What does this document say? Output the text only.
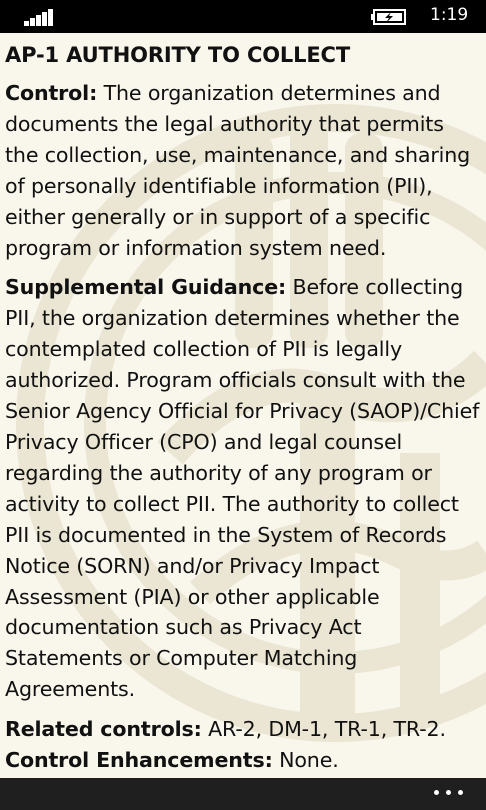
1:19

AP-1 AUTHORITY TO COLLECT

Control: The organization determines and documents the legal authority that permits the collection, use, maintenance, and sharing of personally identifiable information (PII), either generally or in support of a specific program or information system need.

Supplemental Guidance: Before collecting PII, the organization determines whether the contemplated collection of PII is legally authorized. Program officials consult with the Senior Agency Official for Privacy (SAOP)/Chief Privacy Officer (CPO) and legal counsel regarding the authority of any program or activity to collect PII. The authority to collect PII is documented in the System of Records Notice (SORN) and/or Privacy Impact Assessment (PIA) or other applicable documentation such as Privacy Act Statements or Computer Matching Agreements.

Related controls: AR-2, DM-1, TR-1, TR-2.

Control Enhancements: None.
